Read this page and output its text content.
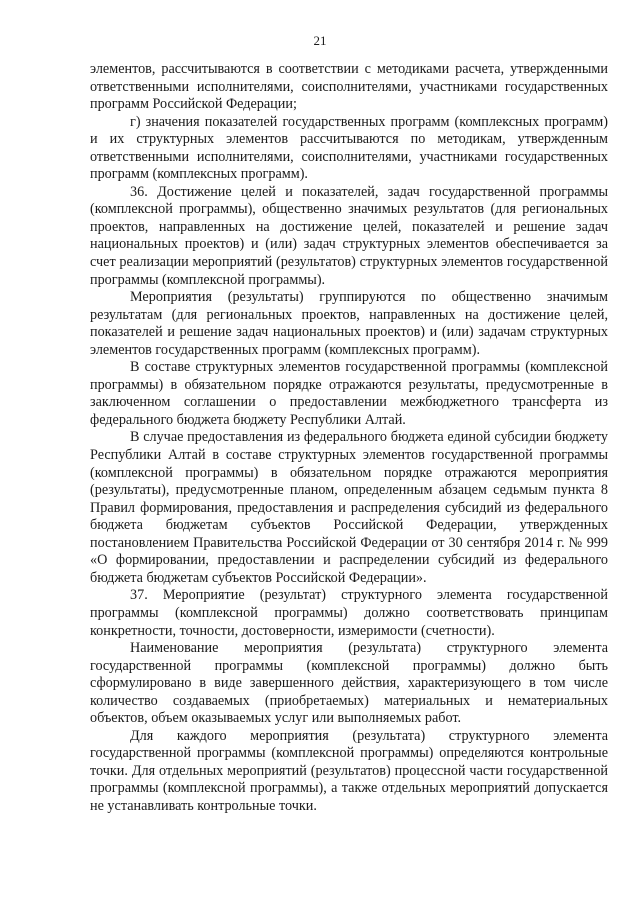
21

элементов, рассчитываются в соответствии с методиками расчета, утвержденными ответственными исполнителями, соисполнителями, участниками государственных программ Российской Федерации;

г) значения показателей государственных программ (комплексных программ) и их структурных элементов рассчитываются по методикам, утвержденным ответственными исполнителями, соисполнителями, участниками государственных программ (комплексных программ).

36. Достижение целей и показателей, задач государственной программы (комплексной программы), общественно значимых результатов (для региональных проектов, направленных на достижение целей, показателей и решение задач национальных проектов) и (или) задач структурных элементов обеспечивается за счет реализации мероприятий (результатов) структурных элементов государственной программы (комплексной программы).

Мероприятия (результаты) группируются по общественно значимым результатам (для региональных проектов, направленных на достижение целей, показателей и решение задач национальных проектов) и (или) задачам структурных элементов государственных программ (комплексных программ).

В составе структурных элементов государственной программы (комплексной программы) в обязательном порядке отражаются результаты, предусмотренные в заключенном соглашении о предоставлении межбюджетного трансферта из федерального бюджета бюджету Республики Алтай.

В случае предоставления из федерального бюджета единой субсидии бюджету Республики Алтай в составе структурных элементов государственной программы (комплексной программы) в обязательном порядке отражаются мероприятия (результаты), предусмотренные планом, определенным абзацем седьмым пункта 8 Правил формирования, предоставления и распределения субсидий из федерального бюджета бюджетам субъектов Российской Федерации, утвержденных постановлением Правительства Российской Федерации от 30 сентября 2014 г. № 999 «О формировании, предоставлении и распределении субсидий из федерального бюджета бюджетам субъектов Российской Федерации».

37. Мероприятие (результат) структурного элемента государственной программы (комплексной программы) должно соответствовать принципам конкретности, точности, достоверности, измеримости (счетности).

Наименование мероприятия (результата) структурного элемента государственной программы (комплексной программы) должно быть сформулировано в виде завершенного действия, характеризующего в том числе количество создаваемых (приобретаемых) материальных и нематериальных объектов, объем оказываемых услуг или выполняемых работ.

Для каждого мероприятия (результата) структурного элемента государственной программы (комплексной программы) определяются контрольные точки. Для отдельных мероприятий (результатов) процессной части государственной программы (комплексной программы), а также отдельных мероприятий допускается не устанавливать контрольные точки.
